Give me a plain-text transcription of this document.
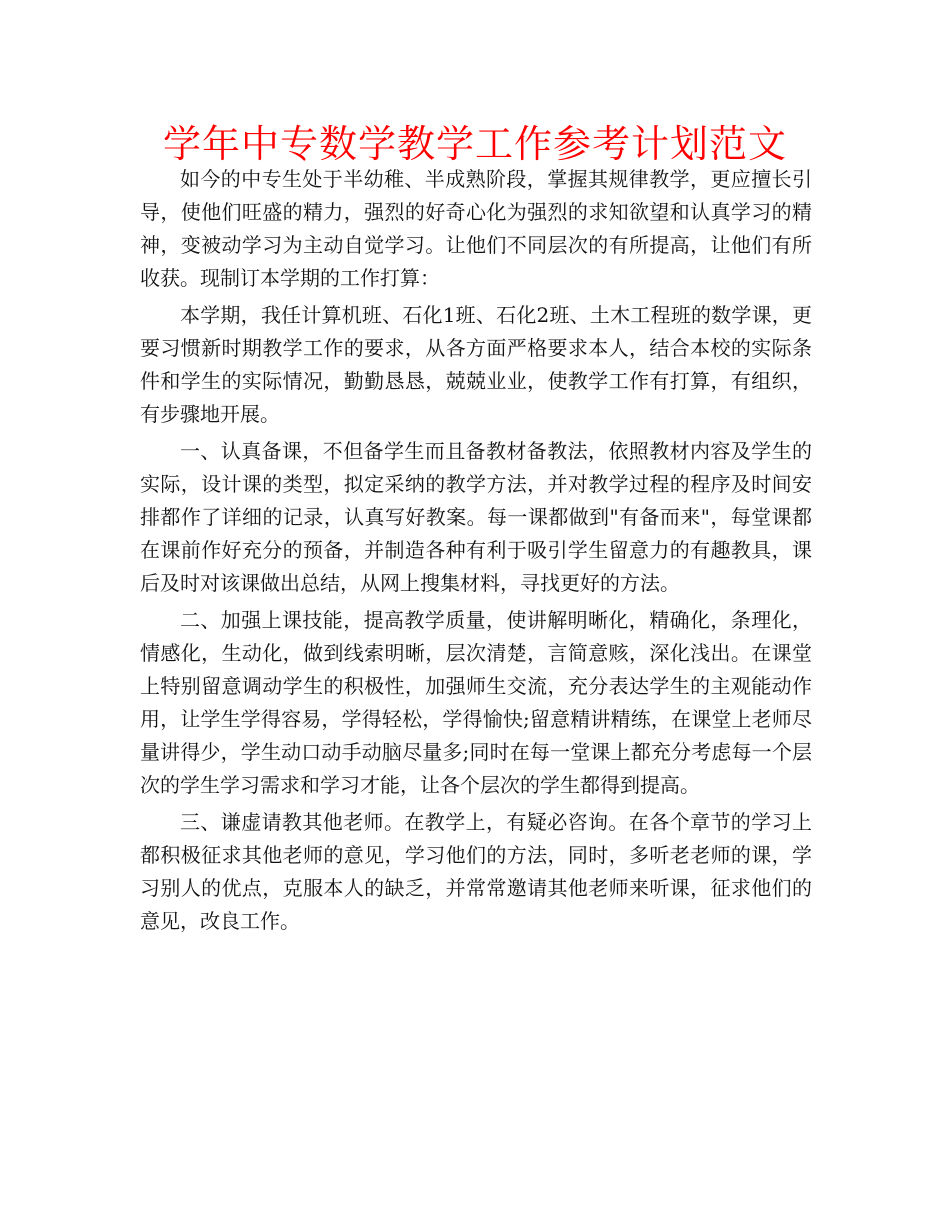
学年中专数学教学工作参考计划范文

如今的中专生处于半幼稚、半成熟阶段，掌握其规律教学，更应擅长引导，使他们旺盛的精力，强烈的好奇心化为强烈的求知欲望和认真学习的精神，变被动学习为主动自觉学习。让他们不同层次的有所提高，让他们有所收获。现制订本学期的工作打算：

本学期，我任计算机班、石化1班、石化2班、土木工程班的数学课，更要习惯新时期教学工作的要求，从各方面严格要求本人，结合本校的实际条件和学生的实际情况，勤勤恳恳，兢兢业业，使教学工作有打算，有组织，有步骤地开展。

一、认真备课，不但备学生而且备教材备教法，依照教材内容及学生的实际，设计课的类型，拟定采纳的教学方法，并对教学过程的程序及时间安排都作了详细的记录，认真写好教案。每一课都做到"有备而来"，每堂课都在课前作好充分的预备，并制造各种有利于吸引学生留意力的有趣教具，课后及时对该课做出总结，从网上搜集材料，寻找更好的方法。

二、加强上课技能，提高教学质量，使讲解明晰化，精确化，条理化，情感化，生动化，做到线索明晰，层次清楚，言简意赅，深化浅出。在课堂上特别留意调动学生的积极性，加强师生交流，充分表达学生的主观能动作用，让学生学得容易，学得轻松，学得愉快;留意精讲精练，在课堂上老师尽量讲得少，学生动口动手动脑尽量多;同时在每一堂课上都充分考虑每一个层次的学生学习需求和学习才能，让各个层次的学生都得到提高。

三、谦虚请教其他老师。在教学上，有疑必咨询。在各个章节的学习上都积极征求其他老师的意见，学习他们的方法，同时，多听老老师的课，学习别人的优点，克服本人的缺乏，并常常邀请其他老师来听课，征求他们的意见，改良工作。
